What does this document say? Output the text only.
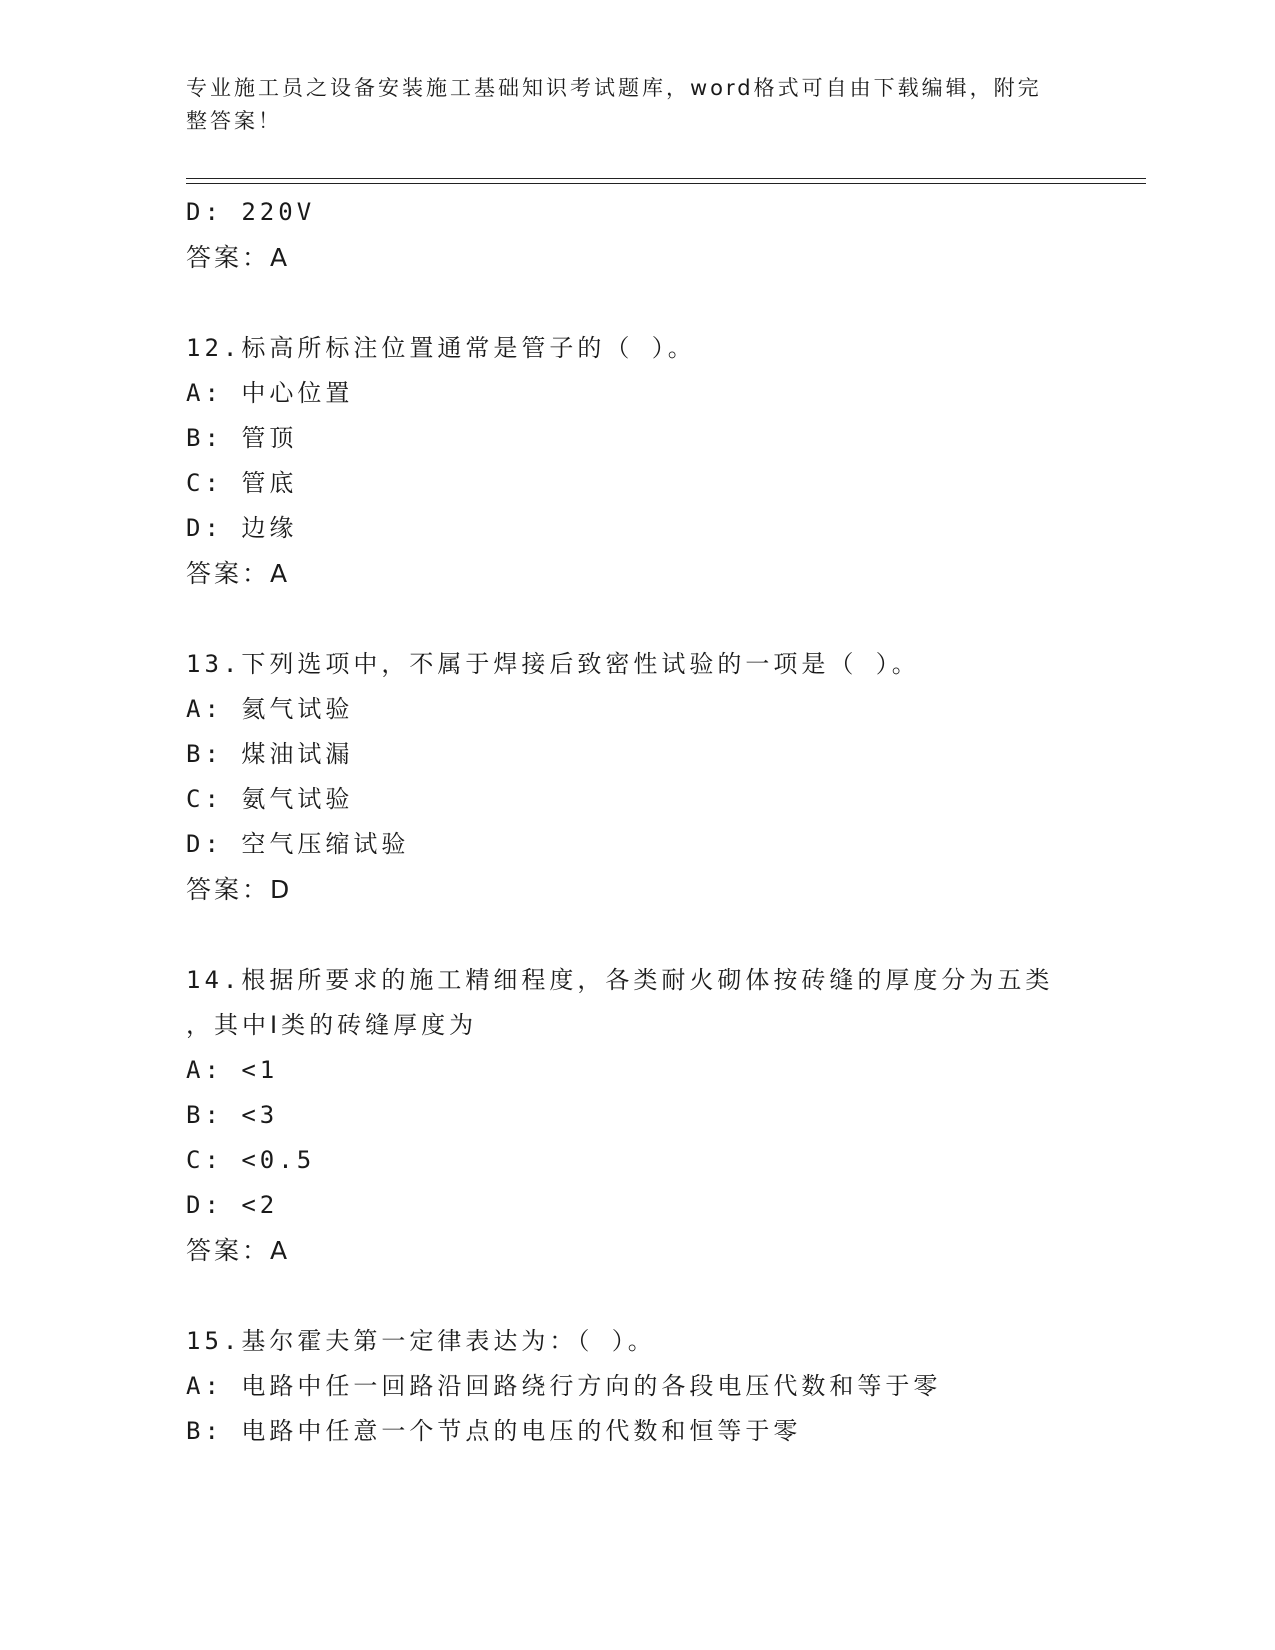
专业施工员之设备安装施工基础知识考试题库，word格式可自由下载编辑，附完
整答案！
D: 220V
答案：A
12.标高所标注位置通常是管子的（ ）。
A: 中心位置
B: 管顶
C: 管底
D: 边缘
答案：A
13.下列选项中，不属于焊接后致密性试验的一项是（ ）。
A: 氦气试验
B: 煤油试漏
C: 氨气试验
D: 空气压缩试验
答案：D
14.根据所要求的施工精细程度，各类耐火砌体按砖缝的厚度分为五类
，其中Ⅰ类的砖缝厚度为
A: <1
B: <3
C: <0.5
D: <2
答案：A
15.基尔霍夫第一定律表达为：（ ）。
A: 电路中任一回路沿回路绕行方向的各段电压代数和等于零
B: 电路中任意一个节点的电压的代数和恒等于零
